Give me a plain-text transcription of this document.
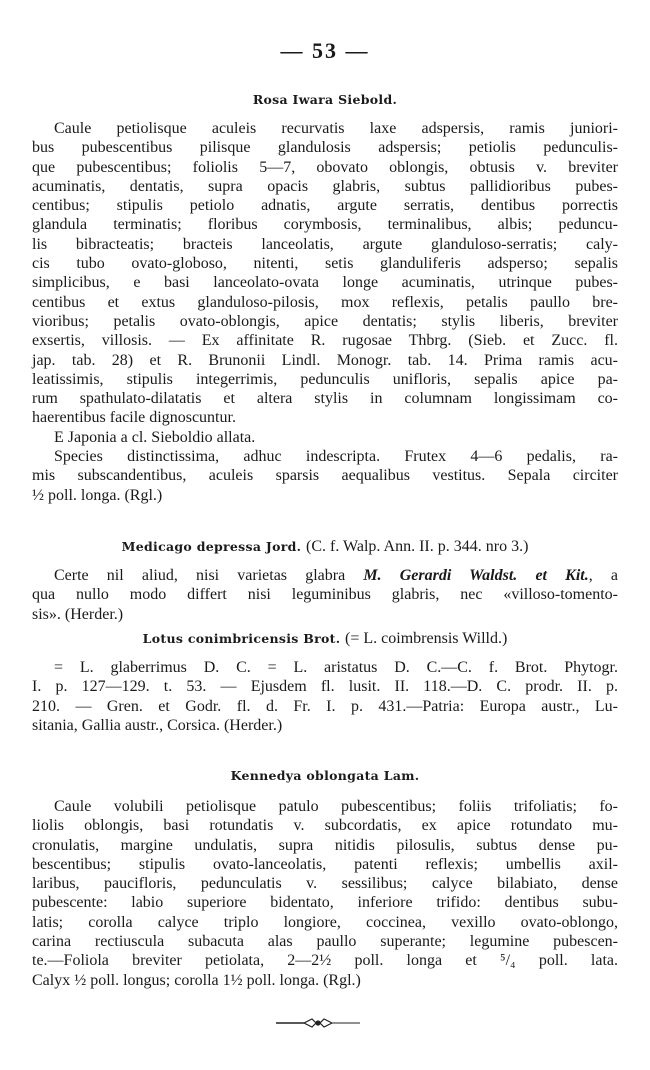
— 53 —
Rosa Iwara Siebold.
Caule petiolisque aculeis recurvatis laxe adspersis, ramis juniori-
bus pubescentibus pilisque glandulosis adspersis; petiolis pedunculis-
que pubescentibus; foliolis 5—7, obovato oblongis, obtusis v. breviter
acuminatis, dentatis, supra opacis glabris, subtus pallidioribus pubes-
centibus; stipulis petiolo adnatis, argute serratis, dentibus porrectis
glandula terminatis; floribus corymbosis, terminalibus, albis; peduncu-
lis bibracteatis; bracteis lanceolatis, argute glanduloso-serratis; caly-
cis tubo ovato-globoso, nitenti, setis glanduliferis adsperso; sepalis
simplicibus, e basi lanceolato-ovata longe acuminatis, utrinque pubes-
centibus et extus glanduloso-pilosis, mox reflexis, petalis paullo bre-
vioribus; petalis ovato-oblongis, apice dentatis; stylis liberis, breviter
exsertis, villosis. — Ex affinitate R. rugosae Thbrg. (Sieb. et Zucc. fl.
jap. tab. 28) et R. Brunonii Lindl. Monogr. tab. 14. Prima ramis acu-
leatissimis, stipulis integerrimis, pedunculis unifloris, sepalis apice pa-
rum spathulato-dilatatis et altera stylis in columnam longissimam co-
haerentibus facile dignoscuntur.
E Japonia a cl. Sieboldio allata.
Species distinctissima, adhuc indescripta. Frutex 4—6 pedalis, ra-
mis subscandentibus, aculeis sparsis aequalibus vestitus. Sepala circiter
½ poll. longa. (Rgl.)
Medicago depressa Jord. (C. f. Walp. Ann. II. p. 344. nro 3.)
Certe nil aliud, nisi varietas glabra M. Gerardi Waldst. et Kit., a
qua nullo modo differt nisi leguminibus glabris, nec «villoso-tomento-
sis». (Herder.)
Lotus conimbricensis Brot. (= L. coimbrensis Willd.)
= L. glaberrimus D. C. = L. aristatus D. C.—C. f. Brot. Phytogr.
I. p. 127—129. t. 53. — Ejusdem fl. lusit. II. 118.—D. C. prodr. II. p.
210. — Gren. et Godr. fl. d. Fr. I. p. 431.—Patria: Europa austr., Lu-
sitania, Gallia austr., Corsica. (Herder.)
Kennedya oblongata Lam.
Caule volubili petiolisque patulo pubescentibus; foliis trifoliatis; fo-
liolis oblongis, basi rotundatis v. subcordatis, ex apice rotundato mu-
cronulatis, margine undulatis, supra nitidis pilosulis, subtus dense pu-
bescentibus; stipulis ovato-lanceolatis, patenti reflexis; umbellis axil-
laribus, paucifloris, pedunculatis v. sessilibus; calyce bilabiato, dense
pubescente: labio superiore bidentato, inferiore trifido: dentibus subu-
latis; corolla calyce triplo longiore, coccinea, vexillo ovato-oblongo,
carina rectiuscula subacuta alas paullo superante; legumine pubescen-
te.—Foliola breviter petiolata, 2—2½ poll. longa et ⁵/₄ poll. lata.
Calyx ½ poll. longus; corolla 1½ poll. longa. (Rgl.)
